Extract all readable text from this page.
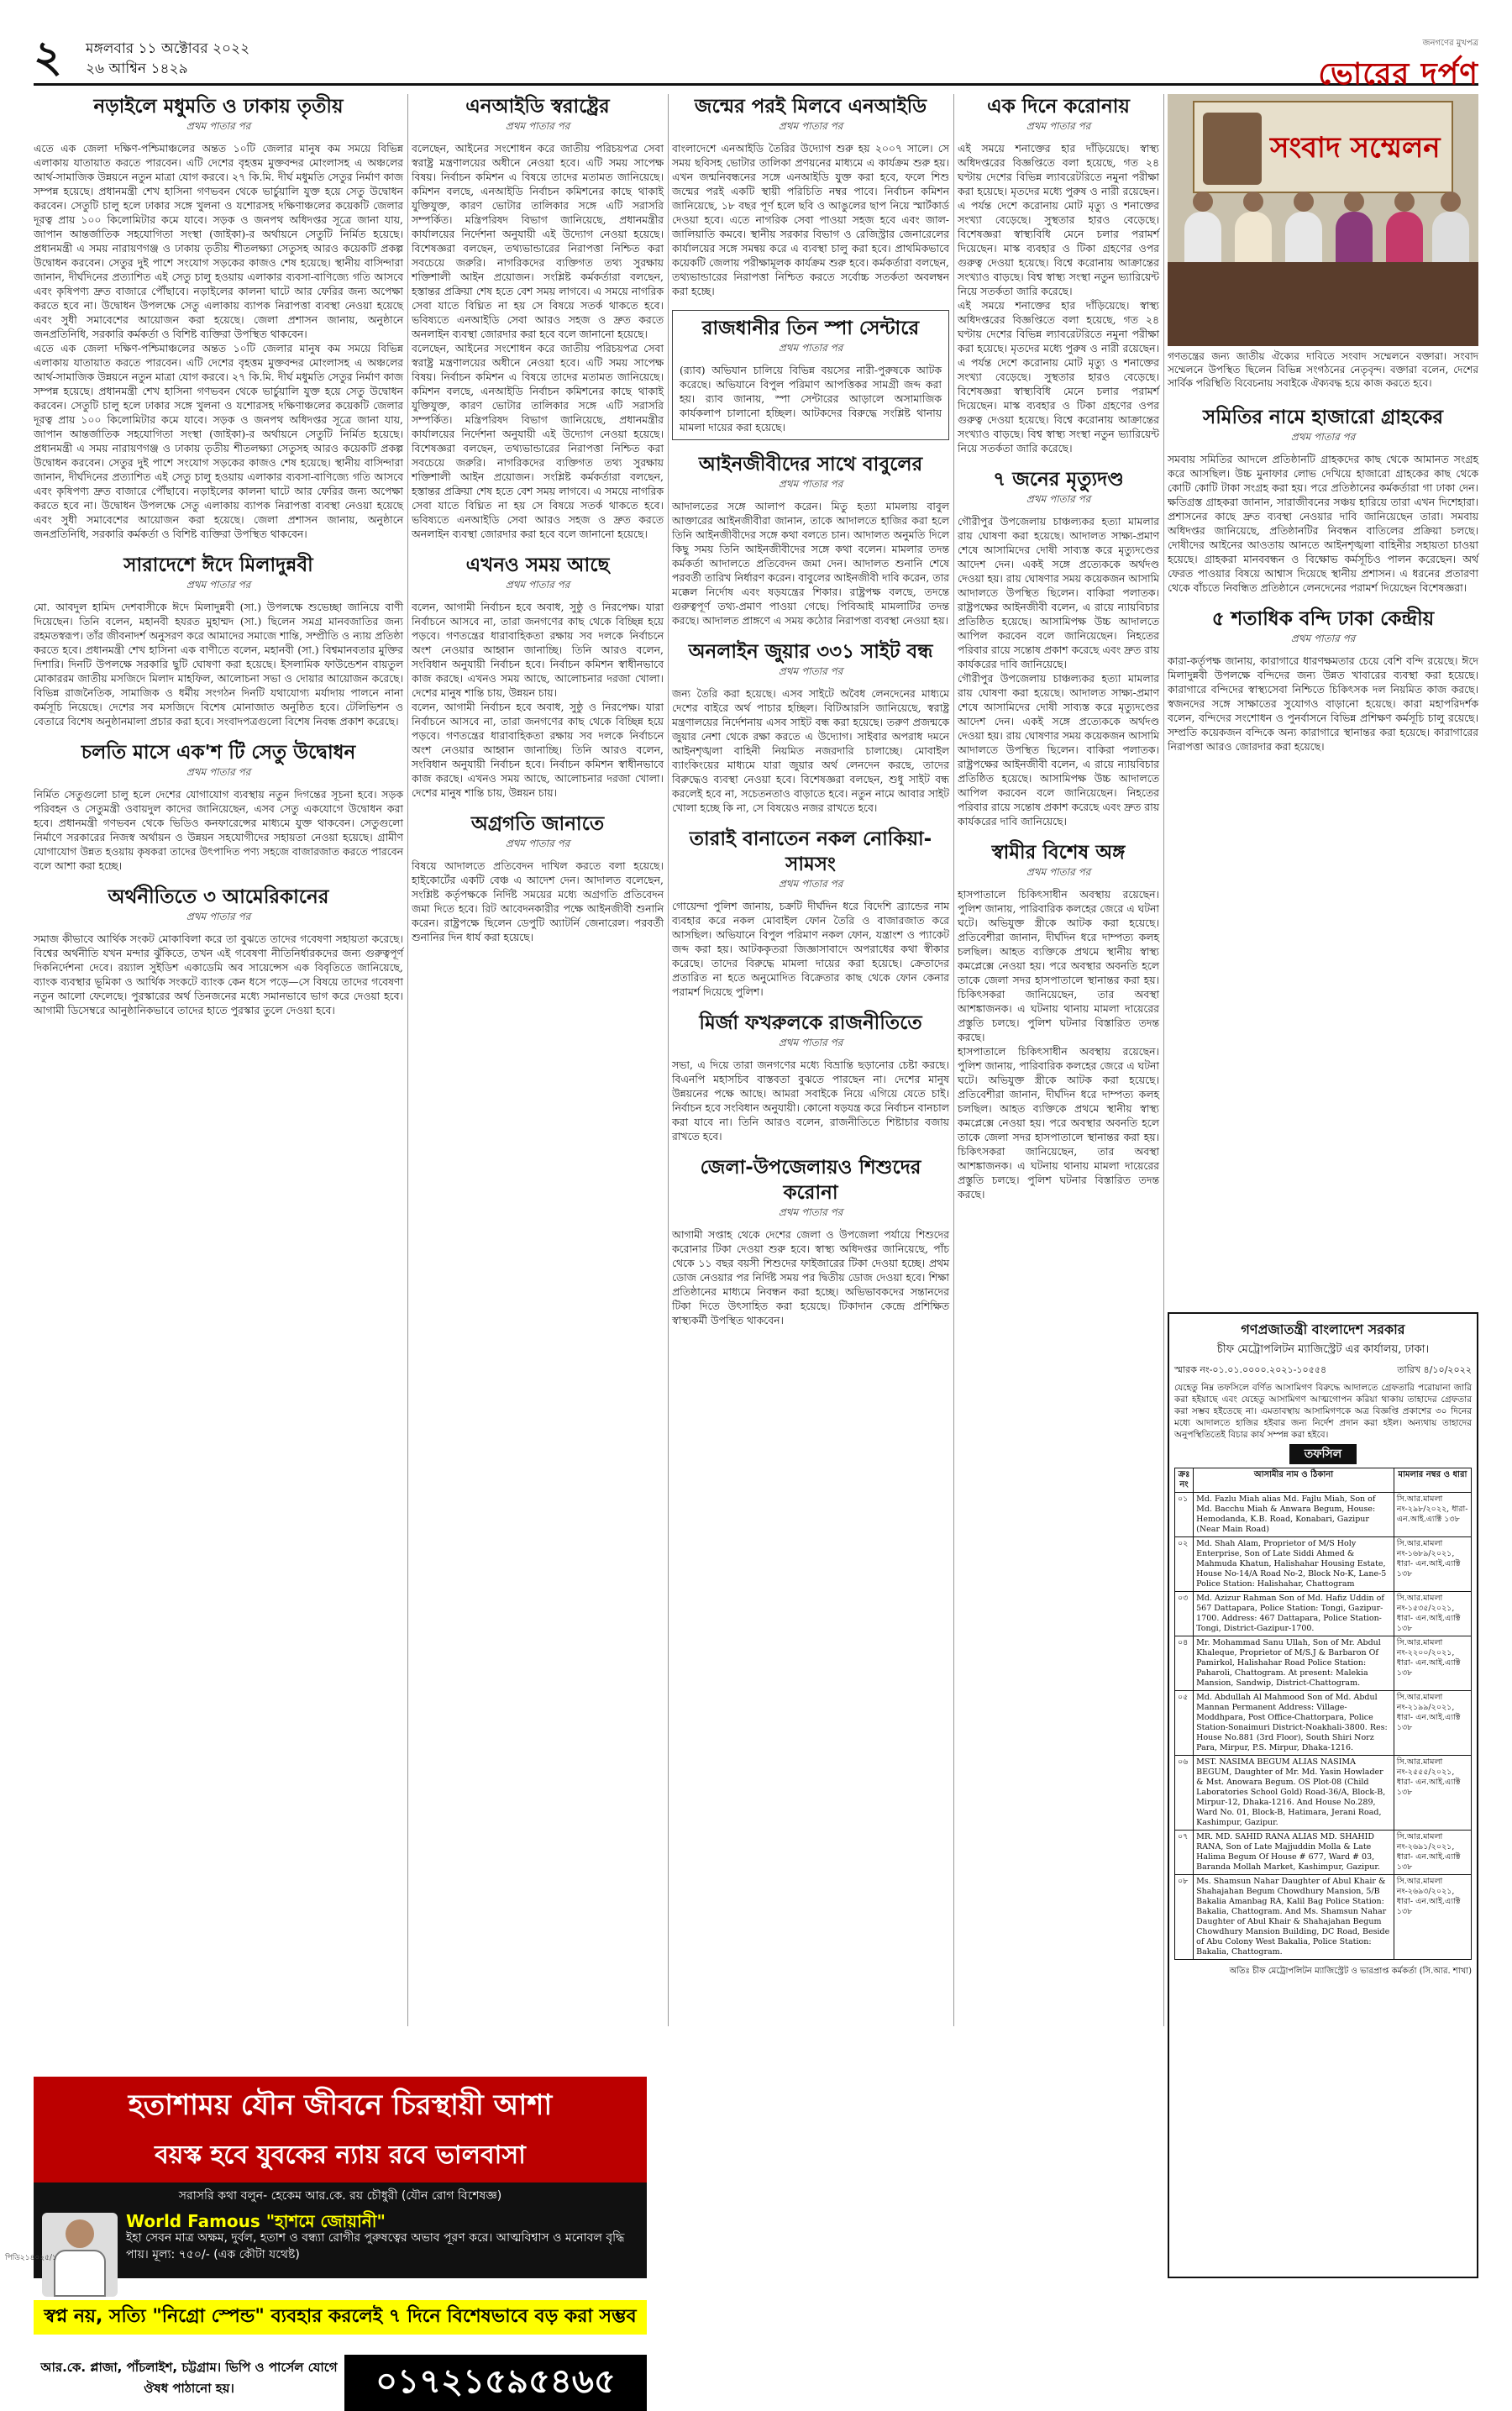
২ মঙ্গলবার ১১ অক্টোবর ২০২২
২৬ আশ্বিন ১৪২৯
জনগণের মুখপত্র
ভোরের দর্পণ
নড়াইলে মধুমতি ও ঢাকায় তৃতীয়
প্রথম পাতার পর
এতে এক জেলা দক্ষিণ-পশ্চিমাঞ্চলের অন্তত ১০টি জেলার মানুষ কম সময়ে বিভিন্ন এলাকায় যাতায়াত করতে পারবেন। এটি দেশের বৃহত্তম মুক্তবন্দর মোংলাসহ এ অঞ্চলের আর্থ-সামাজিক উন্নয়নে নতুন মাত্রা যোগ করবে। ২৭ কি.মি. দীর্ঘ মধুমতি সেতুর নির্মাণ কাজ সম্পন্ন হয়েছে। প্রধানমন্ত্রী শেখ হাসিনা গণভবন থেকে ভার্চুয়ালি যুক্ত হয়ে সেতু উদ্বোধন করবেন। সেতুটি চালু হলে ঢাকার সঙ্গে খুলনা ও যশোরসহ দক্ষিণাঞ্চলের কয়েকটি জেলার দূরত্ব প্রায় ১০০ কিলোমিটার কমে যাবে। সড়ক ও জনপথ অধিদপ্তর সূত্রে জানা যায়, জাপান আন্তর্জাতিক সহযোগিতা সংস্থা (জাইকা)-র অর্থায়নে সেতুটি নির্মিত হয়েছে। প্রধানমন্ত্রী এ সময় নারায়ণগঞ্জ ও ঢাকায় তৃতীয় শীতলক্ষ্যা সেতুসহ আরও কয়েকটি প্রকল্প উদ্বোধন করবেন। সেতুর দুই পাশে সংযোগ সড়কের কাজও শেষ হয়েছে। স্থানীয় বাসিন্দারা জানান, দীর্ঘদিনের প্রত্যাশিত এই সেতু চালু হওয়ায় এলাকার ব্যবসা-বাণিজ্যে গতি আসবে এবং কৃষিপণ্য দ্রুত বাজারে পৌঁছাবে। নড়াইলের কালনা ঘাটে আর ফেরির জন্য অপেক্ষা করতে হবে না। উদ্বোধন উপলক্ষে সেতু এলাকায় ব্যাপক নিরাপত্তা ব্যবস্থা নেওয়া হয়েছে এবং সুধী সমাবেশের আয়োজন করা হয়েছে। জেলা প্রশাসন জানায়, অনুষ্ঠানে জনপ্রতিনিধি, সরকারি কর্মকর্তা ও বিশিষ্ট ব্যক্তিরা উপস্থিত থাকবেন।
এতে এক জেলা দক্ষিণ-পশ্চিমাঞ্চলের অন্তত ১০টি জেলার মানুষ কম সময়ে বিভিন্ন এলাকায় যাতায়াত করতে পারবেন। এটি দেশের বৃহত্তম মুক্তবন্দর মোংলাসহ এ অঞ্চলের আর্থ-সামাজিক উন্নয়নে নতুন মাত্রা যোগ করবে। ২৭ কি.মি. দীর্ঘ মধুমতি সেতুর নির্মাণ কাজ সম্পন্ন হয়েছে। প্রধানমন্ত্রী শেখ হাসিনা গণভবন থেকে ভার্চুয়ালি যুক্ত হয়ে সেতু উদ্বোধন করবেন। সেতুটি চালু হলে ঢাকার সঙ্গে খুলনা ও যশোরসহ দক্ষিণাঞ্চলের কয়েকটি জেলার দূরত্ব প্রায় ১০০ কিলোমিটার কমে যাবে। সড়ক ও জনপথ অধিদপ্তর সূত্রে জানা যায়, জাপান আন্তর্জাতিক সহযোগিতা সংস্থা (জাইকা)-র অর্থায়নে সেতুটি নির্মিত হয়েছে। প্রধানমন্ত্রী এ সময় নারায়ণগঞ্জ ও ঢাকায় তৃতীয় শীতলক্ষ্যা সেতুসহ আরও কয়েকটি প্রকল্প উদ্বোধন করবেন। সেতুর দুই পাশে সংযোগ সড়কের কাজও শেষ হয়েছে। স্থানীয় বাসিন্দারা জানান, দীর্ঘদিনের প্রত্যাশিত এই সেতু চালু হওয়ায় এলাকার ব্যবসা-বাণিজ্যে গতি আসবে এবং কৃষিপণ্য দ্রুত বাজারে পৌঁছাবে। নড়াইলের কালনা ঘাটে আর ফেরির জন্য অপেক্ষা করতে হবে না। উদ্বোধন উপলক্ষে সেতু এলাকায় ব্যাপক নিরাপত্তা ব্যবস্থা নেওয়া হয়েছে এবং সুধী সমাবেশের আয়োজন করা হয়েছে। জেলা প্রশাসন জানায়, অনুষ্ঠানে জনপ্রতিনিধি, সরকারি কর্মকর্তা ও বিশিষ্ট ব্যক্তিরা উপস্থিত থাকবেন।
সারাদেশে ঈদে মিলাদুন্নবী
প্রথম পাতার পর
মো. আবদুল হামিদ দেশবাসীকে ঈদে মিলাদুন্নবী (সা.) উপলক্ষে শুভেচ্ছা জানিয়ে বাণী দিয়েছেন। তিনি বলেন, মহানবী হযরত মুহাম্মদ (সা.) ছিলেন সমগ্র মানবজাতির জন্য রহমতস্বরূপ। তাঁর জীবনাদর্শ অনুসরণ করে আমাদের সমাজে শান্তি, সম্প্রীতি ও ন্যায় প্রতিষ্ঠা করতে হবে। প্রধানমন্ত্রী শেখ হাসিনা এক বাণীতে বলেন, মহানবী (সা.) বিশ্বমানবতার মুক্তির দিশারি। দিনটি উপলক্ষে সরকারি ছুটি ঘোষণা করা হয়েছে। ইসলামিক ফাউন্ডেশন বায়তুল মোকাররম জাতীয় মসজিদে মিলাদ মাহফিল, আলোচনা সভা ও দোয়ার আয়োজন করেছে। বিভিন্ন রাজনৈতিক, সামাজিক ও ধর্মীয় সংগঠন দিনটি যথাযোগ্য মর্যাদায় পালনে নানা কর্মসূচি নিয়েছে। দেশের সব মসজিদে বিশেষ মোনাজাত অনুষ্ঠিত হবে। টেলিভিশন ও বেতারে বিশেষ অনুষ্ঠানমালা প্রচার করা হবে। সংবাদপত্রগুলো বিশেষ নিবন্ধ প্রকাশ করেছে।
চলতি মাসে এক'শ টি সেতু উদ্বোধন
প্রথম পাতার পর
নির্মিত সেতুগুলো চালু হলে দেশের যোগাযোগ ব্যবস্থায় নতুন দিগন্তের সূচনা হবে। সড়ক পরিবহন ও সেতুমন্ত্রী ওবায়দুল কাদের জানিয়েছেন, এসব সেতু একযোগে উদ্বোধন করা হবে। প্রধানমন্ত্রী গণভবন থেকে ভিডিও কনফারেন্সের মাধ্যমে যুক্ত থাকবেন। সেতুগুলো নির্মাণে সরকারের নিজস্ব অর্থায়ন ও উন্নয়ন সহযোগীদের সহায়তা নেওয়া হয়েছে। গ্রামীণ যোগাযোগ উন্নত হওয়ায় কৃষকরা তাদের উৎপাদিত পণ্য সহজে বাজারজাত করতে পারবেন বলে আশা করা হচ্ছে।
অর্থনীতিতে ৩ আমেরিকানের
প্রথম পাতার পর
সমাজ কীভাবে আর্থিক সংকট মোকাবিলা করে তা বুঝতে তাদের গবেষণা সহায়তা করেছে। বিশ্বের অর্থনীতি যখন মন্দার ঝুঁকিতে, তখন এই গবেষণা নীতিনির্ধারকদের জন্য গুরুত্বপূর্ণ দিকনির্দেশনা দেবে। রয়্যাল সুইডিশ একাডেমি অব সায়েন্সেস এক বিবৃতিতে জানিয়েছে, ব্যাংক ব্যবস্থার ভূমিকা ও আর্থিক সংকটে ব্যাংক কেন ধসে পড়ে—সে বিষয়ে তাদের গবেষণা নতুন আলো ফেলেছে। পুরস্কারের অর্থ তিনজনের মধ্যে সমানভাবে ভাগ করে দেওয়া হবে। আগামী ডিসেম্বরে আনুষ্ঠানিকভাবে তাদের হাতে পুরস্কার তুলে দেওয়া হবে।
এনআইডি স্বরাষ্ট্রের
প্রথম পাতার পর
বলেছেন, আইনের সংশোধন করে জাতীয় পরিচয়পত্র সেবা স্বরাষ্ট্র মন্ত্রণালয়ের অধীনে নেওয়া হবে। এটি সময় সাপেক্ষ বিষয়। নির্বাচন কমিশন এ বিষয়ে তাদের মতামত জানিয়েছে। কমিশন বলছে, এনআইডি নির্বাচন কমিশনের কাছে থাকাই যুক্তিযুক্ত, কারণ ভোটার তালিকার সঙ্গে এটি সরাসরি সম্পর্কিত। মন্ত্রিপরিষদ বিভাগ জানিয়েছে, প্রধানমন্ত্রীর কার্যালয়ের নির্দেশনা অনুযায়ী এই উদ্যোগ নেওয়া হয়েছে। বিশেষজ্ঞরা বলছেন, তথ্যভান্ডারের নিরাপত্তা নিশ্চিত করা সবচেয়ে জরুরি। নাগরিকদের ব্যক্তিগত তথ্য সুরক্ষায় শক্তিশালী আইন প্রয়োজন। সংশ্লিষ্ট কর্মকর্তারা বলছেন, হস্তান্তর প্রক্রিয়া শেষ হতে বেশ সময় লাগবে। এ সময়ে নাগরিক সেবা যাতে বিঘ্নিত না হয় সে বিষয়ে সতর্ক থাকতে হবে। ভবিষ্যতে এনআইডি সেবা আরও সহজ ও দ্রুত করতে অনলাইন ব্যবস্থা জোরদার করা হবে বলে জানানো হয়েছে।
বলেছেন, আইনের সংশোধন করে জাতীয় পরিচয়পত্র সেবা স্বরাষ্ট্র মন্ত্রণালয়ের অধীনে নেওয়া হবে। এটি সময় সাপেক্ষ বিষয়। নির্বাচন কমিশন এ বিষয়ে তাদের মতামত জানিয়েছে। কমিশন বলছে, এনআইডি নির্বাচন কমিশনের কাছে থাকাই যুক্তিযুক্ত, কারণ ভোটার তালিকার সঙ্গে এটি সরাসরি সম্পর্কিত। মন্ত্রিপরিষদ বিভাগ জানিয়েছে, প্রধানমন্ত্রীর কার্যালয়ের নির্দেশনা অনুযায়ী এই উদ্যোগ নেওয়া হয়েছে। বিশেষজ্ঞরা বলছেন, তথ্যভান্ডারের নিরাপত্তা নিশ্চিত করা সবচেয়ে জরুরি। নাগরিকদের ব্যক্তিগত তথ্য সুরক্ষায় শক্তিশালী আইন প্রয়োজন। সংশ্লিষ্ট কর্মকর্তারা বলছেন, হস্তান্তর প্রক্রিয়া শেষ হতে বেশ সময় লাগবে। এ সময়ে নাগরিক সেবা যাতে বিঘ্নিত না হয় সে বিষয়ে সতর্ক থাকতে হবে। ভবিষ্যতে এনআইডি সেবা আরও সহজ ও দ্রুত করতে অনলাইন ব্যবস্থা জোরদার করা হবে বলে জানানো হয়েছে।
এখনও সময় আছে
প্রথম পাতার পর
বলেন, আগামী নির্বাচন হবে অবাধ, সুষ্ঠু ও নিরপেক্ষ। যারা নির্বাচনে আসবে না, তারা জনগণের কাছ থেকে বিচ্ছিন্ন হয়ে পড়বে। গণতন্ত্রের ধারাবাহিকতা রক্ষায় সব দলকে নির্বাচনে অংশ নেওয়ার আহ্বান জানাচ্ছি। তিনি আরও বলেন, সংবিধান অনুযায়ী নির্বাচন হবে। নির্বাচন কমিশন স্বাধীনভাবে কাজ করছে। এখনও সময় আছে, আলোচনার দরজা খোলা। দেশের মানুষ শান্তি চায়, উন্নয়ন চায়।
বলেন, আগামী নির্বাচন হবে অবাধ, সুষ্ঠু ও নিরপেক্ষ। যারা নির্বাচনে আসবে না, তারা জনগণের কাছ থেকে বিচ্ছিন্ন হয়ে পড়বে। গণতন্ত্রের ধারাবাহিকতা রক্ষায় সব দলকে নির্বাচনে অংশ নেওয়ার আহ্বান জানাচ্ছি। তিনি আরও বলেন, সংবিধান অনুযায়ী নির্বাচন হবে। নির্বাচন কমিশন স্বাধীনভাবে কাজ করছে। এখনও সময় আছে, আলোচনার দরজা খোলা। দেশের মানুষ শান্তি চায়, উন্নয়ন চায়।
অগ্রগতি জানাতে
প্রথম পাতার পর
বিষয়ে আদালতে প্রতিবেদন দাখিল করতে বলা হয়েছে। হাইকোর্টের একটি বেঞ্চ এ আদেশ দেন। আদালত বলেছেন, সংশ্লিষ্ট কর্তৃপক্ষকে নির্দিষ্ট সময়ের মধ্যে অগ্রগতি প্রতিবেদন জমা দিতে হবে। রিট আবেদনকারীর পক্ষে আইনজীবী শুনানি করেন। রাষ্ট্রপক্ষে ছিলেন ডেপুটি অ্যাটর্নি জেনারেল। পরবর্তী শুনানির দিন ধার্য করা হয়েছে।
জন্মের পরই মিলবে এনআইডি
প্রথম পাতার পর
বাংলাদেশে এনআইডি তৈরির উদ্যোগ শুরু হয় ২০০৭ সালে। সে সময় ছবিসহ ভোটার তালিকা প্রণয়নের মাধ্যমে এ কার্যক্রম শুরু হয়। এখন জন্মনিবন্ধনের সঙ্গে এনআইডি যুক্ত করা হবে, ফলে শিশু জন্মের পরই একটি স্থায়ী পরিচিতি নম্বর পাবে। নির্বাচন কমিশন জানিয়েছে, ১৮ বছর পূর্ণ হলে ছবি ও আঙুলের ছাপ নিয়ে স্মার্টকার্ড দেওয়া হবে। এতে নাগরিক সেবা পাওয়া সহজ হবে এবং জাল-জালিয়াতি কমবে। স্থানীয় সরকার বিভাগ ও রেজিস্ট্রার জেনারেলের কার্যালয়ের সঙ্গে সমন্বয় করে এ ব্যবস্থা চালু করা হবে। প্রাথমিকভাবে কয়েকটি জেলায় পরীক্ষামূলক কার্যক্রম শুরু হবে। কর্মকর্তারা বলছেন, তথ্যভান্ডারের নিরাপত্তা নিশ্চিত করতে সর্বোচ্চ সতর্কতা অবলম্বন করা হচ্ছে।
রাজধানীর তিন স্পা সেন্টারে
প্রথম পাতার পর
(র‍্যাব) অভিযান চালিয়ে বিভিন্ন বয়সের নারী-পুরুষকে আটক করেছে। অভিযানে বিপুল পরিমাণ আপত্তিকর সামগ্রী জব্দ করা হয়। র‍্যাব জানায়, স্পা সেন্টারের আড়ালে অসামাজিক কার্যকলাপ চালানো হচ্ছিল। আটকদের বিরুদ্ধে সংশ্লিষ্ট থানায় মামলা দায়ের করা হয়েছে।
আইনজীবীদের সাথে বাবুলের
প্রথম পাতার পর
আদালতের সঙ্গে আলাপ করেন। মিতু হত্যা মামলায় বাবুল আক্তারের আইনজীবীরা জানান, তাকে আদালতে হাজির করা হলে তিনি আইনজীবীদের সঙ্গে কথা বলতে চান। আদালত অনুমতি দিলে কিছু সময় তিনি আইনজীবীদের সঙ্গে কথা বলেন। মামলার তদন্ত কর্মকর্তা আদালতে প্রতিবেদন জমা দেন। আদালত শুনানি শেষে পরবর্তী তারিখ নির্ধারণ করেন। বাবুলের আইনজীবী দাবি করেন, তার মক্কেল নির্দোষ এবং ষড়যন্ত্রের শিকার। রাষ্ট্রপক্ষ বলছে, তদন্তে গুরুত্বপূর্ণ তথ্য-প্রমাণ পাওয়া গেছে। পিবিআই মামলাটির তদন্ত করছে। আদালত প্রাঙ্গণে এ সময় কঠোর নিরাপত্তা ব্যবস্থা নেওয়া হয়।
অনলাইন জুয়ার ৩৩১ সাইট বন্ধ
প্রথম পাতার পর
জন্য তৈরি করা হয়েছে। এসব সাইটে অবৈধ লেনদেনের মাধ্যমে দেশের বাইরে অর্থ পাচার হচ্ছিল। বিটিআরসি জানিয়েছে, স্বরাষ্ট্র মন্ত্রণালয়ের নির্দেশনায় এসব সাইট বন্ধ করা হয়েছে। তরুণ প্রজন্মকে জুয়ার নেশা থেকে রক্ষা করতে এ উদ্যোগ। সাইবার অপরাধ দমনে আইনশৃঙ্খলা বাহিনী নিয়মিত নজরদারি চালাচ্ছে। মোবাইল ব্যাংকিংয়ের মাধ্যমে যারা জুয়ার অর্থ লেনদেন করছে, তাদের বিরুদ্ধেও ব্যবস্থা নেওয়া হবে। বিশেষজ্ঞরা বলছেন, শুধু সাইট বন্ধ করলেই হবে না, সচেতনতাও বাড়াতে হবে। নতুন নামে আবার সাইট খোলা হচ্ছে কি না, সে বিষয়েও নজর রাখতে হবে।
তারাই বানাতেন নকল নোকিয়া-সামসং
প্রথম পাতার পর
গোয়েন্দা পুলিশ জানায়, চক্রটি দীর্ঘদিন ধরে বিদেশি ব্র্যান্ডের নাম ব্যবহার করে নকল মোবাইল ফোন তৈরি ও বাজারজাত করে আসছিল। অভিযানে বিপুল পরিমাণ নকল ফোন, যন্ত্রাংশ ও প্যাকেট জব্দ করা হয়। আটককৃতরা জিজ্ঞাসাবাদে অপরাধের কথা স্বীকার করেছে। তাদের বিরুদ্ধে মামলা দায়ের করা হয়েছে। ক্রেতাদের প্রতারিত না হতে অনুমোদিত বিক্রেতার কাছ থেকে ফোন কেনার পরামর্শ দিয়েছে পুলিশ।
মির্জা ফখরুলকে রাজনীতিতে
প্রথম পাতার পর
সভা, এ দিয়ে তারা জনগণের মধ্যে বিভ্রান্তি ছড়ানোর চেষ্টা করছে। বিএনপি মহাসচিব বাস্তবতা বুঝতে পারছেন না। দেশের মানুষ উন্নয়নের পক্ষে আছে। আমরা সবাইকে নিয়ে এগিয়ে যেতে চাই। নির্বাচন হবে সংবিধান অনুযায়ী। কোনো ষড়যন্ত্র করে নির্বাচন বানচাল করা যাবে না। তিনি আরও বলেন, রাজনীতিতে শিষ্টাচার বজায় রাখতে হবে।
জেলা-উপজেলায়ও শিশুদের করোনা
প্রথম পাতার পর
আগামী সপ্তাহ থেকে দেশের জেলা ও উপজেলা পর্যায়ে শিশুদের করোনার টিকা দেওয়া শুরু হবে। স্বাস্থ্য অধিদপ্তর জানিয়েছে, পাঁচ থেকে ১১ বছর বয়সী শিশুদের ফাইজারের টিকা দেওয়া হচ্ছে। প্রথম ডোজ নেওয়ার পর নির্দিষ্ট সময় পর দ্বিতীয় ডোজ দেওয়া হবে। শিক্ষা প্রতিষ্ঠানের মাধ্যমে নিবন্ধন করা হচ্ছে। অভিভাবকদের সন্তানদের টিকা দিতে উৎসাহিত করা হয়েছে। টিকাদান কেন্দ্রে প্রশিক্ষিত স্বাস্থ্যকর্মী উপস্থিত থাকবেন।
এক দিনে করোনায়
প্রথম পাতার পর
এই সময়ে শনাক্তের হার দাঁড়িয়েছে। স্বাস্থ্য অধিদপ্তরের বিজ্ঞপ্তিতে বলা হয়েছে, গত ২৪ ঘণ্টায় দেশের বিভিন্ন ল্যাবরেটরিতে নমুনা পরীক্ষা করা হয়েছে। মৃতদের মধ্যে পুরুষ ও নারী রয়েছেন। এ পর্যন্ত দেশে করোনায় মোট মৃত্যু ও শনাক্তের সংখ্যা বেড়েছে। সুস্থতার হারও বেড়েছে। বিশেষজ্ঞরা স্বাস্থ্যবিধি মেনে চলার পরামর্শ দিয়েছেন। মাস্ক ব্যবহার ও টিকা গ্রহণের ওপর গুরুত্ব দেওয়া হয়েছে। বিশ্বে করোনায় আক্রান্তের সংখ্যাও বাড়ছে। বিশ্ব স্বাস্থ্য সংস্থা নতুন ভ্যারিয়েন্ট নিয়ে সতর্কতা জারি করেছে।
এই সময়ে শনাক্তের হার দাঁড়িয়েছে। স্বাস্থ্য অধিদপ্তরের বিজ্ঞপ্তিতে বলা হয়েছে, গত ২৪ ঘণ্টায় দেশের বিভিন্ন ল্যাবরেটরিতে নমুনা পরীক্ষা করা হয়েছে। মৃতদের মধ্যে পুরুষ ও নারী রয়েছেন। এ পর্যন্ত দেশে করোনায় মোট মৃত্যু ও শনাক্তের সংখ্যা বেড়েছে। সুস্থতার হারও বেড়েছে। বিশেষজ্ঞরা স্বাস্থ্যবিধি মেনে চলার পরামর্শ দিয়েছেন। মাস্ক ব্যবহার ও টিকা গ্রহণের ওপর গুরুত্ব দেওয়া হয়েছে। বিশ্বে করোনায় আক্রান্তের সংখ্যাও বাড়ছে। বিশ্ব স্বাস্থ্য সংস্থা নতুন ভ্যারিয়েন্ট নিয়ে সতর্কতা জারি করেছে।
৭ জনের মৃত্যুদণ্ড
প্রথম পাতার পর
গৌরীপুর উপজেলায় চাঞ্চল্যকর হত্যা মামলার রায় ঘোষণা করা হয়েছে। আদালত সাক্ষ্য-প্রমাণ শেষে আসামিদের দোষী সাব্যস্ত করে মৃত্যুদণ্ডের আদেশ দেন। একই সঙ্গে প্রত্যেককে অর্থদণ্ড দেওয়া হয়। রায় ঘোষণার সময় কয়েকজন আসামি আদালতে উপস্থিত ছিলেন। বাকিরা পলাতক। রাষ্ট্রপক্ষের আইনজীবী বলেন, এ রায়ে ন্যায়বিচার প্রতিষ্ঠিত হয়েছে। আসামিপক্ষ উচ্চ আদালতে আপিল করবেন বলে জানিয়েছেন। নিহতের পরিবার রায়ে সন্তোষ প্রকাশ করেছে এবং দ্রুত রায় কার্যকরের দাবি জানিয়েছে।
গৌরীপুর উপজেলায় চাঞ্চল্যকর হত্যা মামলার রায় ঘোষণা করা হয়েছে। আদালত সাক্ষ্য-প্রমাণ শেষে আসামিদের দোষী সাব্যস্ত করে মৃত্যুদণ্ডের আদেশ দেন। একই সঙ্গে প্রত্যেককে অর্থদণ্ড দেওয়া হয়। রায় ঘোষণার সময় কয়েকজন আসামি আদালতে উপস্থিত ছিলেন। বাকিরা পলাতক। রাষ্ট্রপক্ষের আইনজীবী বলেন, এ রায়ে ন্যায়বিচার প্রতিষ্ঠিত হয়েছে। আসামিপক্ষ উচ্চ আদালতে আপিল করবেন বলে জানিয়েছেন। নিহতের পরিবার রায়ে সন্তোষ প্রকাশ করেছে এবং দ্রুত রায় কার্যকরের দাবি জানিয়েছে।
স্বামীর বিশেষ অঙ্গ
প্রথম পাতার পর
হাসপাতালে চিকিৎসাধীন অবস্থায় রয়েছেন। পুলিশ জানায়, পারিবারিক কলহের জেরে এ ঘটনা ঘটে। অভিযুক্ত স্ত্রীকে আটক করা হয়েছে। প্রতিবেশীরা জানান, দীর্ঘদিন ধরে দাম্পত্য কলহ চলছিল। আহত ব্যক্তিকে প্রথমে স্থানীয় স্বাস্থ্য কমপ্লেক্সে নেওয়া হয়। পরে অবস্থার অবনতি হলে তাকে জেলা সদর হাসপাতালে স্থানান্তর করা হয়। চিকিৎসকরা জানিয়েছেন, তার অবস্থা আশঙ্কাজনক। এ ঘটনায় থানায় মামলা দায়েরের প্রস্তুতি চলছে। পুলিশ ঘটনার বিস্তারিত তদন্ত করছে।
হাসপাতালে চিকিৎসাধীন অবস্থায় রয়েছেন। পুলিশ জানায়, পারিবারিক কলহের জেরে এ ঘটনা ঘটে। অভিযুক্ত স্ত্রীকে আটক করা হয়েছে। প্রতিবেশীরা জানান, দীর্ঘদিন ধরে দাম্পত্য কলহ চলছিল। আহত ব্যক্তিকে প্রথমে স্থানীয় স্বাস্থ্য কমপ্লেক্সে নেওয়া হয়। পরে অবস্থার অবনতি হলে তাকে জেলা সদর হাসপাতালে স্থানান্তর করা হয়। চিকিৎসকরা জানিয়েছেন, তার অবস্থা আশঙ্কাজনক। এ ঘটনায় থানায় মামলা দায়েরের প্রস্তুতি চলছে। পুলিশ ঘটনার বিস্তারিত তদন্ত করছে।
সংবাদ সম্মেলন
গণতন্ত্রের জন্য জাতীয় ঐক্যের দাবিতে সংবাদ সম্মেলনে বক্তারা। সংবাদ সম্মেলনে উপস্থিত ছিলেন বিভিন্ন সংগঠনের নেতৃবৃন্দ। বক্তারা বলেন, দেশের সার্বিক পরিস্থিতি বিবেচনায় সবাইকে ঐক্যবদ্ধ হয়ে কাজ করতে হবে।
সমিতির নামে হাজারো গ্রাহকের
প্রথম পাতার পর
সমবায় সমিতির আদলে প্রতিষ্ঠানটি গ্রাহকদের কাছ থেকে আমানত সংগ্রহ করে আসছিল। উচ্চ মুনাফার লোভ দেখিয়ে হাজারো গ্রাহকের কাছ থেকে কোটি কোটি টাকা সংগ্রহ করা হয়। পরে প্রতিষ্ঠানের কর্মকর্তারা গা ঢাকা দেন। ক্ষতিগ্রস্ত গ্রাহকরা জানান, সারাজীবনের সঞ্চয় হারিয়ে তারা এখন দিশেহারা। প্রশাসনের কাছে দ্রুত ব্যবস্থা নেওয়ার দাবি জানিয়েছেন তারা। সমবায় অধিদপ্তর জানিয়েছে, প্রতিষ্ঠানটির নিবন্ধন বাতিলের প্রক্রিয়া চলছে। দোষীদের আইনের আওতায় আনতে আইনশৃঙ্খলা বাহিনীর সহায়তা চাওয়া হয়েছে। গ্রাহকরা মানববন্ধন ও বিক্ষোভ কর্মসূচিও পালন করেছেন। অর্থ ফেরত পাওয়ার বিষয়ে আশ্বাস দিয়েছে স্থানীয় প্রশাসন। এ ধরনের প্রতারণা থেকে বাঁচতে নিবন্ধিত প্রতিষ্ঠানে লেনদেনের পরামর্শ দিয়েছেন বিশেষজ্ঞরা।
৫ শতাধিক বন্দি ঢাকা কেন্দ্রীয়
প্রথম পাতার পর
কারা-কর্তৃপক্ষ জানায়, কারাগারে ধারণক্ষমতার চেয়ে বেশি বন্দি রয়েছে। ঈদে মিলাদুন্নবী উপলক্ষে বন্দিদের জন্য উন্নত খাবারের ব্যবস্থা করা হয়েছে। কারাগারে বন্দিদের স্বাস্থ্যসেবা নিশ্চিতে চিকিৎসক দল নিয়মিত কাজ করছে। স্বজনদের সঙ্গে সাক্ষাতের সুযোগও বাড়ানো হয়েছে। কারা মহাপরিদর্শক বলেন, বন্দিদের সংশোধন ও পুনর্বাসনে বিভিন্ন প্রশিক্ষণ কর্মসূচি চালু রয়েছে। সম্প্রতি কয়েকজন বন্দিকে অন্য কারাগারে স্থানান্তর করা হয়েছে। কারাগারের নিরাপত্তা আরও জোরদার করা হয়েছে।
গণপ্রজাতন্ত্রী বাংলাদেশ সরকার
চীফ মেট্রোপলিটন ম্যাজিস্ট্রেট এর কার্যালয়, ঢাকা।
স্মারক নং-০১.০১.০০০০.২০২১-১০৫৫৪	তারিখ ৪/১০/২০২২
যেহেতু নিম্ন তফসিলে বর্ণিত আসামিগণ বিরুদ্ধে আদালতে গ্রেফতারি পরোয়ানা জারি করা হইয়াছে এবং যেহেতু আসামিগণ আত্মগোপন করিয়া থাকায় তাহাদের গ্রেফতার করা সম্ভব হইতেছে না। এমতাবস্থায় আসামিগণকে অত্র বিজ্ঞপ্তি প্রকাশের ৩০ দিনের মধ্যে আদালতে হাজির হইবার জন্য নির্দেশ প্রদান করা হইল। অন্যথায় তাহাদের অনুপস্থিতিতেই বিচার কার্য সম্পন্ন করা হইবে।
তফসিল
ক্রঃ নং	আসামীর নাম ও ঠিকানা	মামলার নম্বর ও ধারা
০১	Md. Fazlu Miah alias Md. Fajlu Miah, Son of Md. Bacchu Miah & Anwara Begum, House: Hemodanda, K.B. Road, Konabari, Gazipur (Near Main Road)	সি.আর.মামলা নং-২৯৮/২০২২, ধারা- এন.আই.এ্যাক্ট ১৩৮
০২	Md. Shah Alam, Proprietor of M/S Holy Enterprise, Son of Late Siddi Ahmed & Mahmuda Khatun, Halishahar Housing Estate, House No-14/A Road No-2, Block No-K, Lane-5 Police Station: Halishahar, Chattogram	সি.আর.মামলা নং-১৬৮৯/২০২১, ধারা- এন.আই.এ্যাক্ট ১৩৮
০৩	Md. Azizur Rahman Son of Md. Hafiz Uddin of 567 Dattapara, Police Station: Tongi, Gazipur-1700. Address: 467 Dattapara, Police Station-Tongi, District-Gazipur-1700.	সি.আর.মামলা নং-১৫৩৫/২০২১, ধারা- এন.আই.এ্যাক্ট ১৩৮
০৪	Mr. Mohammad Sanu Ullah, Son of Mr. Abdul Khaleque, Proprietor of M/S.J & Barbaron Of Pamirkol, Halishahar Road Police Station: Paharoli, Chattogram. At present: Malekia Mansion, Sandwip, District-Chattogram.	সি.আর.মামলা নং-২২০০/২০২১, ধারা- এন.আই.এ্যাক্ট ১৩৮
০৫	Md. Abdullah Al Mahmood Son of Md. Abdul Mannan Permanent Address: Village-Moddhpara, Post Office-Chattorpara, Police Station-Sonaimuri District-Noakhali-3800. Res: House No.881 (3rd Floor), South Shiri Norz Para, Mirpur, P.S. Mirpur, Dhaka-1216.	সি.আর.মামলা নং-২১৯৯/২০২১, ধারা- এন.আই.এ্যাক্ট ১৩৮
০৬	MST. NASIMA BEGUM ALIAS NASIMA BEGUM, Daughter of Mr. Md. Yasin Howlader & Mst. Anowara Begum. OS Plot-08 (Child Laboratories School Gold) Road-36/A, Block-B, Mirpur-12, Dhaka-1216. And House No.289, Ward No. 01, Block-B, Hatimara, Jerani Road, Kashimpur, Gazipur.	সি.আর.মামলা নং-২৫৫৫/২০২১, ধারা- এন.আই.এ্যাক্ট ১৩৮
০৭	MR. MD. SAHID RANA ALIAS MD. SHAHID RANA, Son of Late Majjuddin Molla & Late Halima Begum Of House # 677, Ward # 03, Baranda Mollah Market, Kashimpur, Gazipur.	সি.আর.মামলা নং-২৬৯১/২০২১, ধারা- এন.আই.এ্যাক্ট ১৩৮
০৮	Ms. Shamsun Nahar Daughter of Abul Khair & Shahajahan Begum Chowdhury Mansion, 5/B Bakalia Amanbag RA, Kalil Bag Police Station: Bakalia, Chattogram. And Ms. Shamsun Nahar Daughter of Abul Khair & Shahajahan Begum Chowdhury Mansion Building, DC Road, Beside of Abu Colony West Bakalia, Police Station: Bakalia, Chattogram.	সি.আর.মামলা নং-২৬৯৩/২০২১, ধারা- এন.আই.এ্যাক্ট ১৩৮
অতিঃ চীফ মেট্রোপলিটন ম্যাজিস্ট্রেট ও ভারপ্রাপ্ত কর্মকর্তা (সি.আর. শাখা)
হতাশাময় যৌন জীবনে চিরস্থায়ী আশা
বয়স্ক হবে যুবকের ন্যায় রবে ভালবাসা
সরাসরি কথা বলুন- হেকেম আর.কে. রয় চৌধুরী (যৌন রোগ বিশেষজ্ঞ)
World Famous "হাশমে জোয়ানী"
ইহা সেবন মাত্র অক্ষম, দুর্বল, হতাশ ও বন্ধ্যা রোগীর পুরুষত্বের অভাব পূরণ করে। আত্মবিশ্বাস ও মনোবল বৃদ্ধি পায়। মূল্য: ৭৫০/- (এক কৌটা যথেষ্ট)
স্বপ্ন নয়, সত্যি "নিগ্রো স্পেন্ড" ব্যবহার করলেই ৭ দিনে বিশেষভাবে বড় করা সম্ভব
ইহা ব্যবহারে অসুখ সেরে যায়। H.T.H ও H.A.B হেকেম নিজ তত্ত্বাবধানে পরিচালনা করেন। ভিডিও ও পার্সেল যোগে ঔষধ পাঠানো হয়।
আর.কে. প্লাজা, পাঁচলাইশ, চট্টগ্রাম। ভিপি ও পার্সেল যোগে ঔষধ পাঠানো হয়।	০১৭২১৫৯৫৪৬৫
পিডি২১৪০২৫/১
